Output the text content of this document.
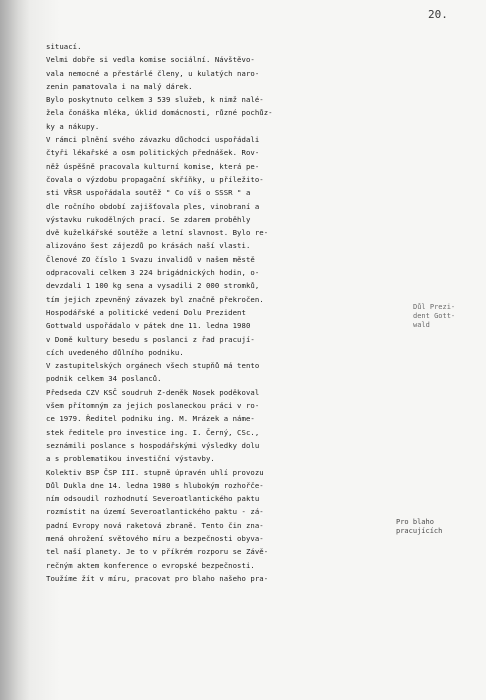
20.
situací.
Velmi dobře si vedla komise sociální. Návštěvo-
vala nemocné a přestárlé členy, u kulatých naro-
zenin pamatovala i na malý dárek.
Bylo poskytnuto celkem 3 539 služeb, k nimž nalé-
žela čonáška mléka, úklid domácnosti, různé pochůz-
ky a nákupy.
V rámci plnění svého závazku důchodci uspořádali
čtyři lékařské a osm politických přednášek. Rov-
něž úspěšně pracovala kulturní komise, která pe-
čovala o výzdobu propagační skříňky, u příležito-
sti VŘSR uspořádala soutěž " Co víš o SSSR " a
dle ročního období zajišťovala ples, vinobraní a
výstavku rukodělných prací. Se zdarem proběhly
dvě kuželkářské soutěže a letní slavnost. Bylo re-
alizováno šest zájezdů po krásách naší vlasti.
Členové ZO číslo 1 Svazu invalidů v našem městě
odpracovali celkem 3 224 brigádnických hodin, o-
devzdali 1 100 kg sena a vysadili 2 000 stromků,
tím jejich zpevněný závazek byl značně překročen.
Hospodářské a politické vedení Dolu Prezident
Gottwald uspořádalo v pátek dne 11. ledna 1980
v Domě kultury besedu s poslanci z řad pracují-
cích uvedeného důlního podniku.
V zastupitelských orgánech všech stupňů má tento
podnik celkem 34 poslanců.
Předseda CZV KSČ soudruh Z-deněk Nosek poděkoval
všem přítomným za jejich poslaneckou práci v ro-
ce 1979. Ředitel podniku ing. M. Mrázek a náme-
stek ředitele pro investice ing. I. Černý, CSc.,
seznámili poslance s hospodářskými výsledky dolu
a s problematikou investiční výstavby.
Kolektiv BSP ČSP III. stupně úpravén uhlí provozu
Důl Dukla dne 14. ledna 1980 s hlubokým rozhořče-
ním odsoudil rozhodnutí Severoatlantického paktu
rozmístit na území Severoatlantického paktu - zá-
padní Evropy nová raketová zbraně. Tento čin zna-
mená ohrožení světového míru a bezpečnosti obyva-
tel naší planety. Je to v příkrém rozporu se Závě-
rečným aktem konference o evropské bezpečnosti.
Toužíme žít v míru, pracovat pro blaho našeho pra-
Důl Prezi-
dent Gott-
wald
Pro blaho
pracujících
